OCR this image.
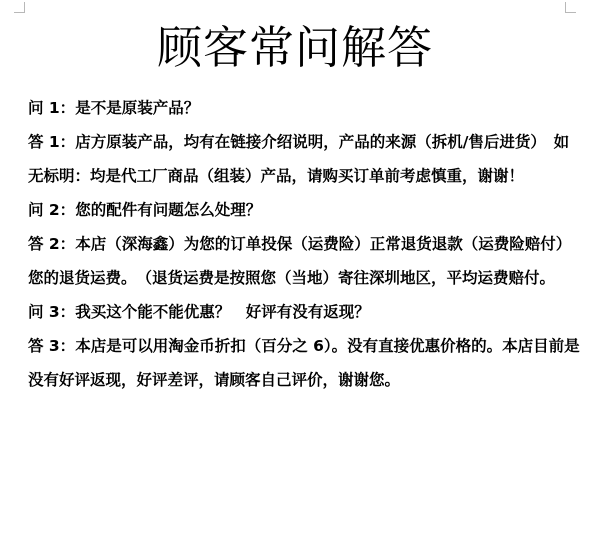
顾客常问解答

问 1：是不是原装产品？

答 1：店方原装产品，均有在链接介绍说明，产品的来源（拆机/售后进货）　如无标明：均是代工厂商品（组装）产品，请购买订单前考虑慎重，谢谢！

问 2：您的配件有问题怎么处理？

答 2：本店（深海鑫）为您的订单投保（运费险）正常退货退款（运费险赔付）您的退货运费。　（退货运费是按照您（当地）寄往深圳地区，平均运费赔付。

问 3：我买这个能不能优惠？　好评有没有返现？

答 3：本店是可以用淘金币折扣（百分之 6）。没有直接优惠价格的。本店目前是没有好评返现，好评差评，请顾客自己评价，谢谢您。
